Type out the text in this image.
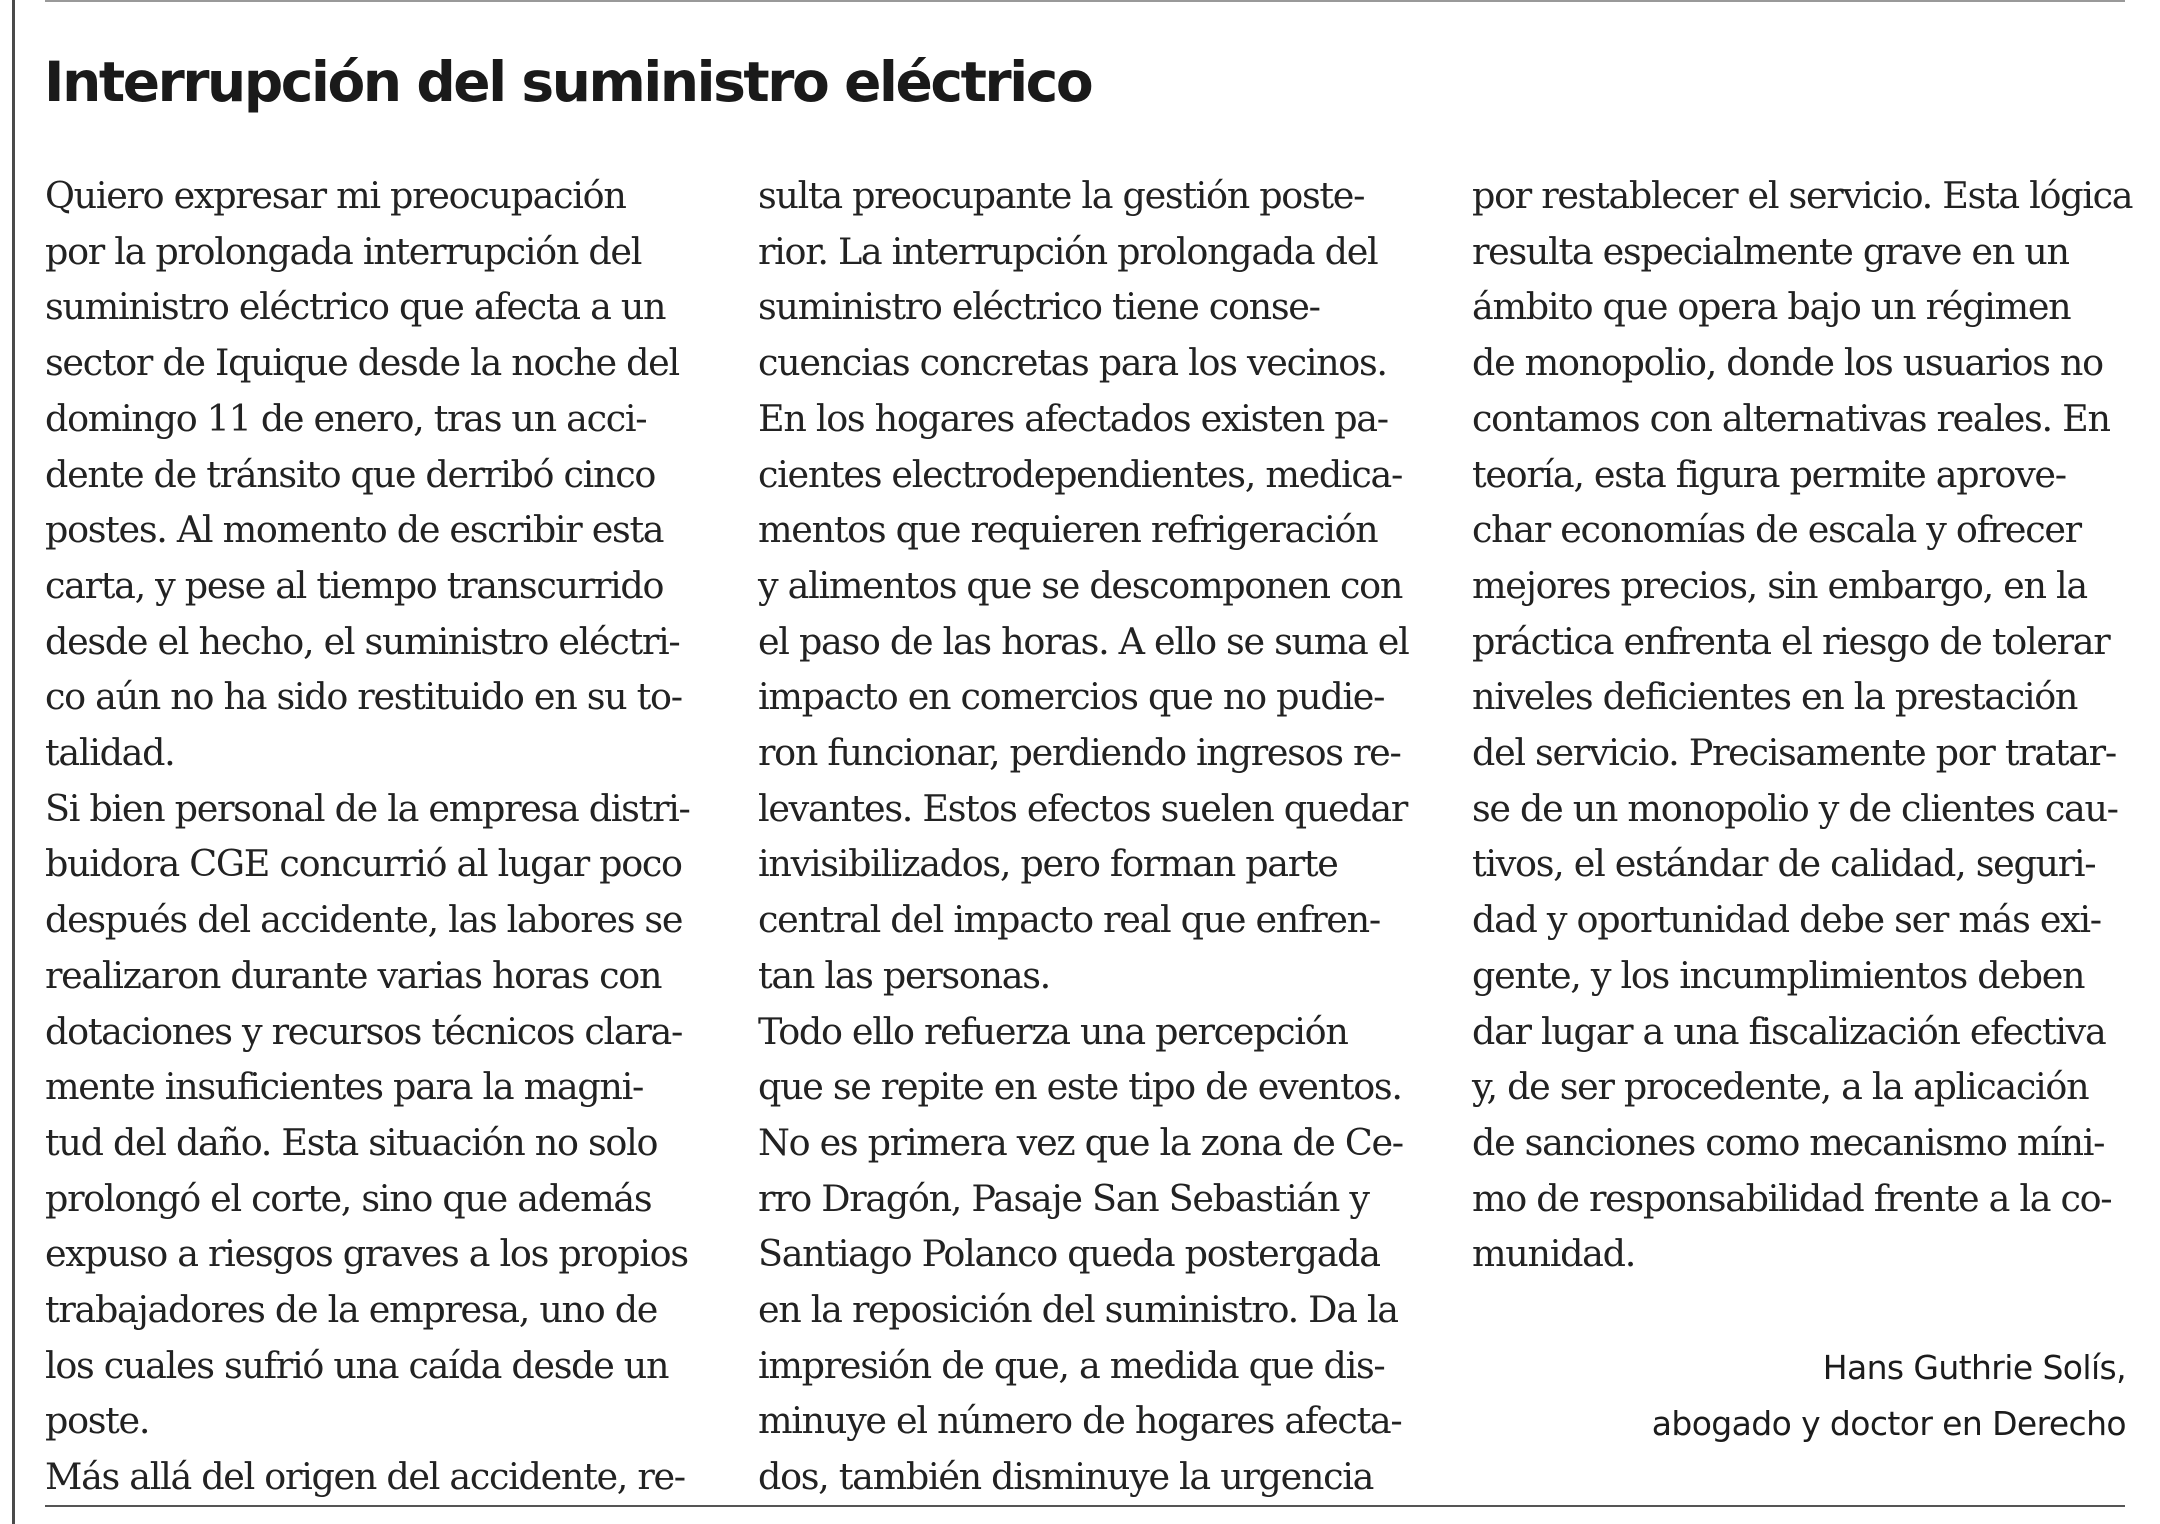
Interrupción del suministro eléctrico
Quiero expresar mi preocupación
por la prolongada interrupción del
suministro eléctrico que afecta a un
sector de Iquique desde la noche del
domingo 11 de enero, tras un acci-
dente de tránsito que derribó cinco
postes. Al momento de escribir esta
carta, y pese al tiempo transcurrido
desde el hecho, el suministro eléctri-
co aún no ha sido restituido en su to-
talidad.
Si bien personal de la empresa distri-
buidora CGE concurrió al lugar poco
después del accidente, las labores se
realizaron durante varias horas con
dotaciones y recursos técnicos clara-
mente insuficientes para la magni-
tud del daño. Esta situación no solo
prolongó el corte, sino que además
expuso a riesgos graves a los propios
trabajadores de la empresa, uno de
los cuales sufrió una caída desde un
poste.
Más allá del origen del accidente, re-
sulta preocupante la gestión poste-
rior. La interrupción prolongada del
suministro eléctrico tiene conse-
cuencias concretas para los vecinos.
En los hogares afectados existen pa-
cientes electrodependientes, medica-
mentos que requieren refrigeración
y alimentos que se descomponen con
el paso de las horas. A ello se suma el
impacto en comercios que no pudie-
ron funcionar, perdiendo ingresos re-
levantes. Estos efectos suelen quedar
invisibilizados, pero forman parte
central del impacto real que enfren-
tan las personas.
Todo ello refuerza una percepción
que se repite en este tipo de eventos.
No es primera vez que la zona de Ce-
rro Dragón, Pasaje San Sebastián y
Santiago Polanco queda postergada
en la reposición del suministro. Da la
impresión de que, a medida que dis-
minuye el número de hogares afecta-
dos, también disminuye la urgencia
por restablecer el servicio. Esta lógica
resulta especialmente grave en un
ámbito que opera bajo un régimen
de monopolio, donde los usuarios no
contamos con alternativas reales. En
teoría, esta figura permite aprove-
char economías de escala y ofrecer
mejores precios, sin embargo, en la
práctica enfrenta el riesgo de tolerar
niveles deficientes en la prestación
del servicio. Precisamente por tratar-
se de un monopolio y de clientes cau-
tivos, el estándar de calidad, seguri-
dad y oportunidad debe ser más exi-
gente, y los incumplimientos deben
dar lugar a una fiscalización efectiva
y, de ser procedente, a la aplicación
de sanciones como mecanismo míni-
mo de responsabilidad frente a la co-
munidad.
Hans Guthrie Solís,
abogado y doctor en Derecho
